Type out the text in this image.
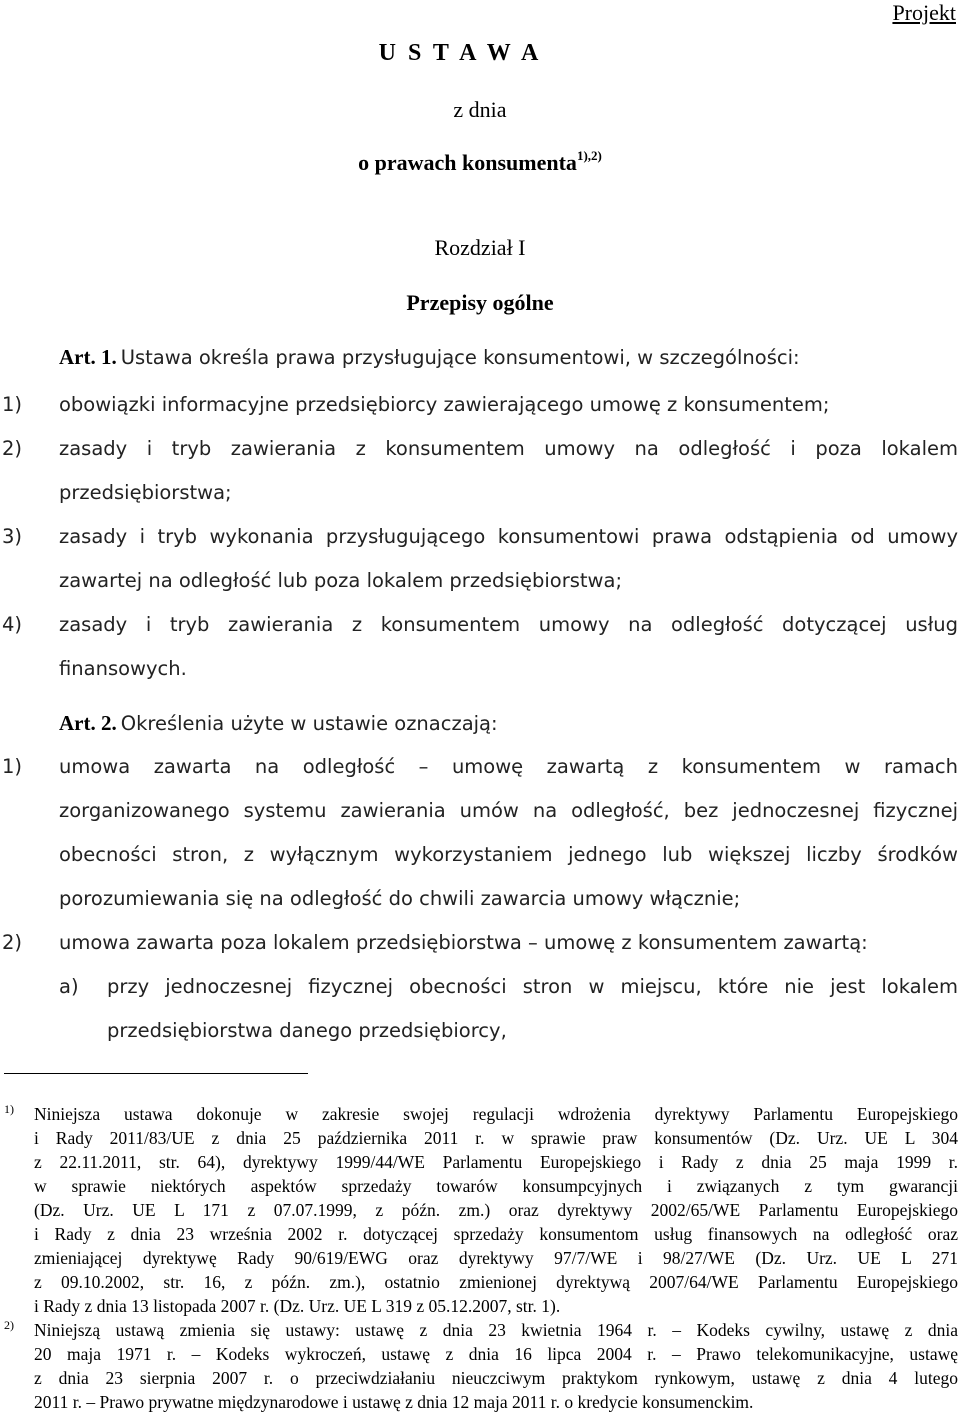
Projekt
U S T A W A
z dnia
o prawach konsumenta$^{1),2)}$
Rozdział I
Przepisy ogólne
Art. 1. Ustawa określa prawa przysługujące konsumentowi, w szczególności:
1) obowiązki informacyjne przedsiębiorcy zawierającego umowę z konsumentem;
2) zasady i tryb zawierania z konsumentem umowy na odległość i poza lokalem
przedsiębiorstwa;
3) zasady i tryb wykonania przysługującego konsumentowi prawa odstąpienia od umowy
zawartej na odległość lub poza lokalem przedsiębiorstwa;
4) zasady i tryb zawierania z konsumentem umowy na odległość dotyczącej usług
finansowych.
Art. 2. Określenia użyte w ustawie oznaczają:
1) umowa zawarta na odległość – umowę zawartą z konsumentem w ramach
zorganizowanego systemu zawierania umów na odległość, bez jednoczesnej fizycznej
obecności stron, z wyłącznym wykorzystaniem jednego lub większej liczby środków
porozumiewania się na odległość do chwili zawarcia umowy włącznie;
2) umowa zawarta poza lokalem przedsiębiorstwa – umowę z konsumentem zawartą:
a) przy jednoczesnej fizycznej obecności stron w miejscu, które nie jest lokalem
przedsiębiorstwa danego przedsiębiorcy,
1) Niniejsza ustawa dokonuje w zakresie swojej regulacji wdrożenia dyrektywy Parlamentu Europejskiego
i Rady 2011/83/UE z dnia 25 października 2011 r. w sprawie praw konsumentów (Dz. Urz. UE L 304
z 22.11.2011, str. 64), dyrektywy 1999/44/WE Parlamentu Europejskiego i Rady z dnia 25 maja 1999 r.
w sprawie niektórych aspektów sprzedaży towarów konsumpcyjnych i związanych z tym gwarancji
(Dz. Urz. UE L 171 z 07.07.1999, z późn. zm.) oraz dyrektywy 2002/65/WE Parlamentu Europejskiego
i Rady z dnia 23 września 2002 r. dotyczącej sprzedaży konsumentom usług finansowych na odległość oraz
zmieniającej dyrektywę Rady 90/619/EWG oraz dyrektywy 97/7/WE i 98/27/WE (Dz. Urz. UE L 271
z 09.10.2002, str. 16, z późn. zm.), ostatnio zmienionej dyrektywą 2007/64/WE Parlamentu Europejskiego
i Rady z dnia 13 listopada 2007 r. (Dz. Urz. UE L 319 z 05.12.2007, str. 1).
2) Niniejszą ustawą zmienia się ustawy: ustawę z dnia 23 kwietnia 1964 r. – Kodeks cywilny, ustawę z dnia
20 maja 1971 r. – Kodeks wykroczeń, ustawę z dnia 16 lipca 2004 r. – Prawo telekomunikacyjne, ustawę
z dnia 23 sierpnia 2007 r. o przeciwdziałaniu nieuczciwym praktykom rynkowym, ustawę z dnia 4 lutego
2011 r. – Prawo prywatne międzynarodowe i ustawę z dnia 12 maja 2011 r. o kredycie konsumenckim.
